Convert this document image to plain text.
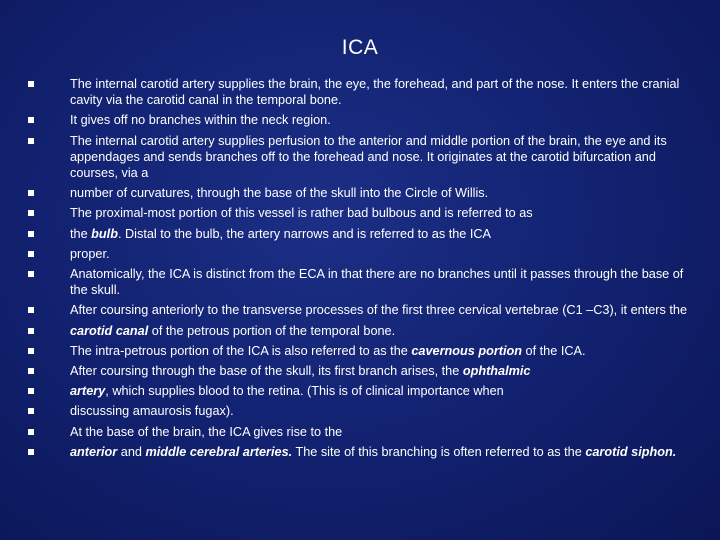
ICA
The internal carotid artery supplies the brain, the eye, the forehead, and part of the nose. It enters the cranial cavity via the carotid canal in the temporal bone.
It gives off no branches within the neck region.
The internal carotid artery supplies perfusion to the anterior and middle portion of the brain, the eye and its appendages and sends branches off to the forehead and nose. It originates at the carotid bifurcation and courses, via a
number of curvatures, through the base of the skull into the Circle of Willis.
The proximal-most portion of this vessel is rather bad bulbous and is referred to as
the bulb. Distal to the bulb, the artery narrows and is referred to as the ICA
proper.
Anatomically, the ICA is distinct from the ECA in that there are no branches until it passes through the base of the skull.
After coursing anteriorly to the transverse processes of the first three cervical vertebrae (C1 –C3), it enters the
carotid canal of the petrous portion of the temporal bone.
The intra-petrous portion of the ICA is also referred to as the cavernous portion of the ICA.
After coursing through the base of the skull, its first branch arises, the ophthalmic
artery, which supplies blood to the retina. (This is of clinical importance when
discussing amaurosis fugax).
At the base of the brain, the ICA gives rise to the
anterior and middle cerebral arteries. The site of this branching is often referred to as the carotid siphon.
